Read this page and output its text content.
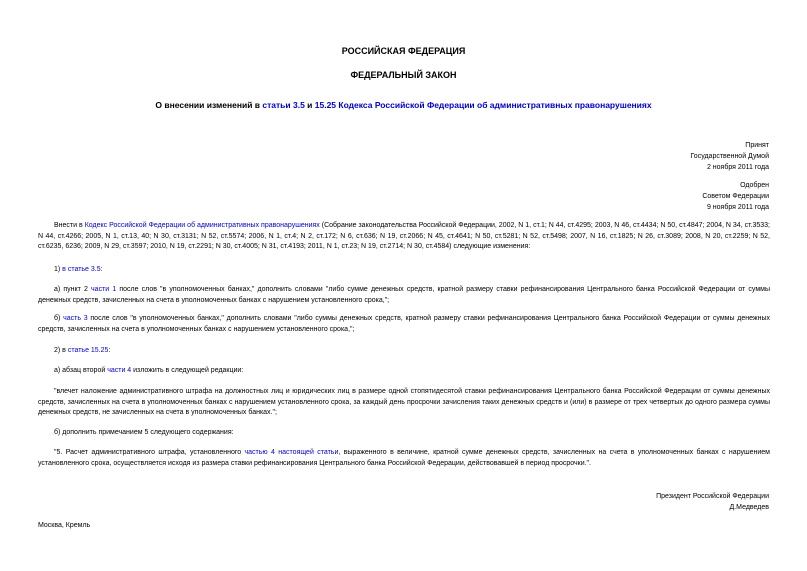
РОССИЙСКАЯ ФЕДЕРАЦИЯ
ФЕДЕРАЛЬНЫЙ ЗАКОН
О внесении изменений в статьи 3.5 и 15.25 Кодекса Российской Федерации об административных правонарушениях
Принят
Государственной Думой
2 ноября 2011 года
Одобрен
Советом Федерации
9 ноября 2011 года
Внести в Кодекс Российской Федерации об административных правонарушениях (Собрание законодательства Российской Федерации, 2002, N 1, ст.1; N 44, ст.4295; 2003, N 46, ст.4434; N 50, ст.4847; 2004, N 34, ст.3533; N 44, ст.4266; 2005, N 1, ст.13, 40; N 30, ст.3131; N 52, ст.5574; 2006, N 1, ст.4; N 2, ст.172; N 6, ст.636; N 19, ст.2066; N 45, ст.4641; N 50, ст.5281; N 52, ст.5498; 2007, N 16, ст.1825; N 26, ст.3089; 2008, N 20, ст.2259; N 52, ст.6235, 6236; 2009, N 29, ст.3597; 2010, N 19, ст.2291; N 30, ст.4005; N 31, ст.4193; 2011, N 1, ст.23; N 19, ст.2714; N 30, ст.4584) следующие изменения:
1) в статье 3.5:
а) пункт 2 части 1 после слов "в уполномоченных банках," дополнить словами "либо сумме денежных средств, кратной размеру ставки рефинансирования Центрального банка Российской Федерации от суммы денежных средств, зачисленных на счета в уполномоченных банках с нарушением установленного срока,";
б) часть 3 после слов "в уполномоченных банках," дополнить словами "либо суммы денежных средств, кратной размеру ставки рефинансирования Центрального банка Российской Федерации от суммы денежных средств, зачисленных на счета в уполномоченных банках с нарушением установленного срока,";
2) в статье 15.25:
а) абзац второй части 4 изложить в следующей редакции:
"влечет наложение административного штрафа на должностных лиц и юридических лиц в размере одной стопятидесятой ставки рефинансирования Центрального банка Российской Федерации от суммы денежных средств, зачисленных на счета в уполномоченных банках с нарушением установленного срока, за каждый день просрочки зачисления таких денежных средств и (или) в размере от трех четвертых до одного размера суммы денежных средств, не зачисленных на счета в уполномоченных банках.";
б) дополнить примечанием 5 следующего содержания:
"5. Расчет административного штрафа, установленного частью 4 настоящей статьи, выраженного в величине, кратной сумме денежных средств, зачисленных на счета в уполномоченных банках с нарушением установленного срока, осуществляется исходя из размера ставки рефинансирования Центрального банка Российской Федерации, действовавшей в период просрочки.".
Президент Российской Федерации
Д.Медведев
Москва, Кремль
